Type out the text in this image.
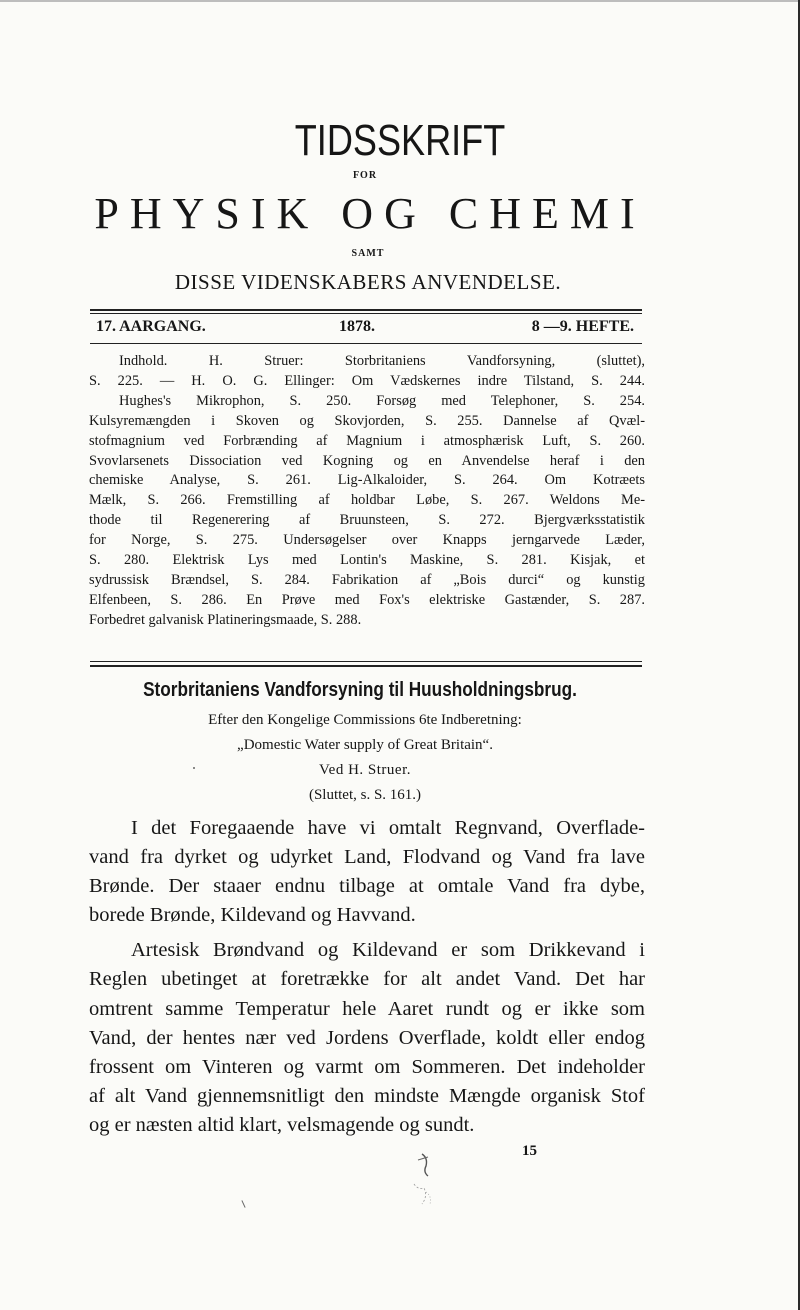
TIDSSKRIFT
FOR
PHYSIK OG CHEMI
SAMT
DISSE VIDENSKABERS ANVENDELSE.
17. AARGANG.	1878.	8 —9. HEFTE.
Indhold. H. Struer: Storbritaniens Vandforsyning, (sluttet),
S. 225. — H. O. G. Ellinger: Om Vædskernes indre Tilstand, S. 244.
Hughes's Mikrophon, S. 250. Forsøg med Telephoner, S. 254.
Kulsyremængden i Skoven og Skovjorden, S. 255. Dannelse af Qvæl-
stofmagnium ved Forbrænding af Magnium i atmosphærisk Luft, S. 260.
Svovlarsenets Dissociation ved Kogning og en Anvendelse heraf i den
chemiske Analyse, S. 261. Lig-Alkaloider, S. 264. Om Kotræets
Mælk, S. 266. Fremstilling af holdbar Løbe, S. 267. Weldons Me-
thode til Regenerering af Bruunsteen, S. 272. Bjergværksstatistik
for Norge, S. 275. Undersøgelser over Knapps jerngarvede Læder,
S. 280. Elektrisk Lys med Lontin's Maskine, S. 281. Kisjak, et
sydrussisk Brændsel, S. 284. Fabrikation af „Bois durci“ og kunstig
Elfenbeen, S. 286. En Prøve med Fox's elektriske Gastænder, S. 287.
Forbedret galvanisk Platineringsmaade, S. 288.
Storbritaniens Vandforsyning til Huusholdningsbrug.
Efter den Kongelige Commissions 6te Indberetning:
„Domestic Water supply of Great Britain“.
Ved H. Struer.
(Sluttet, s. S. 161.)
I det Foregaaende have vi omtalt Regnvand, Overflade-
vand fra dyrket og udyrket Land, Flodvand og Vand fra lave
Brønde. Der staaer endnu tilbage at omtale Vand fra dybe,
borede Brønde, Kildevand og Havvand.
Artesisk Brøndvand og Kildevand er som Drikkevand i
Reglen ubetinget at foretrække for alt andet Vand. Det har
omtrent samme Temperatur hele Aaret rundt og er ikke som
Vand, der hentes nær ved Jordens Overflade, koldt eller endog
frossent om Vinteren og varmt om Sommeren. Det indeholder
af alt Vand gjennemsnitligt den mindste Mængde organisk Stof
og er næsten altid klart, velsmagende og sundt.
15
